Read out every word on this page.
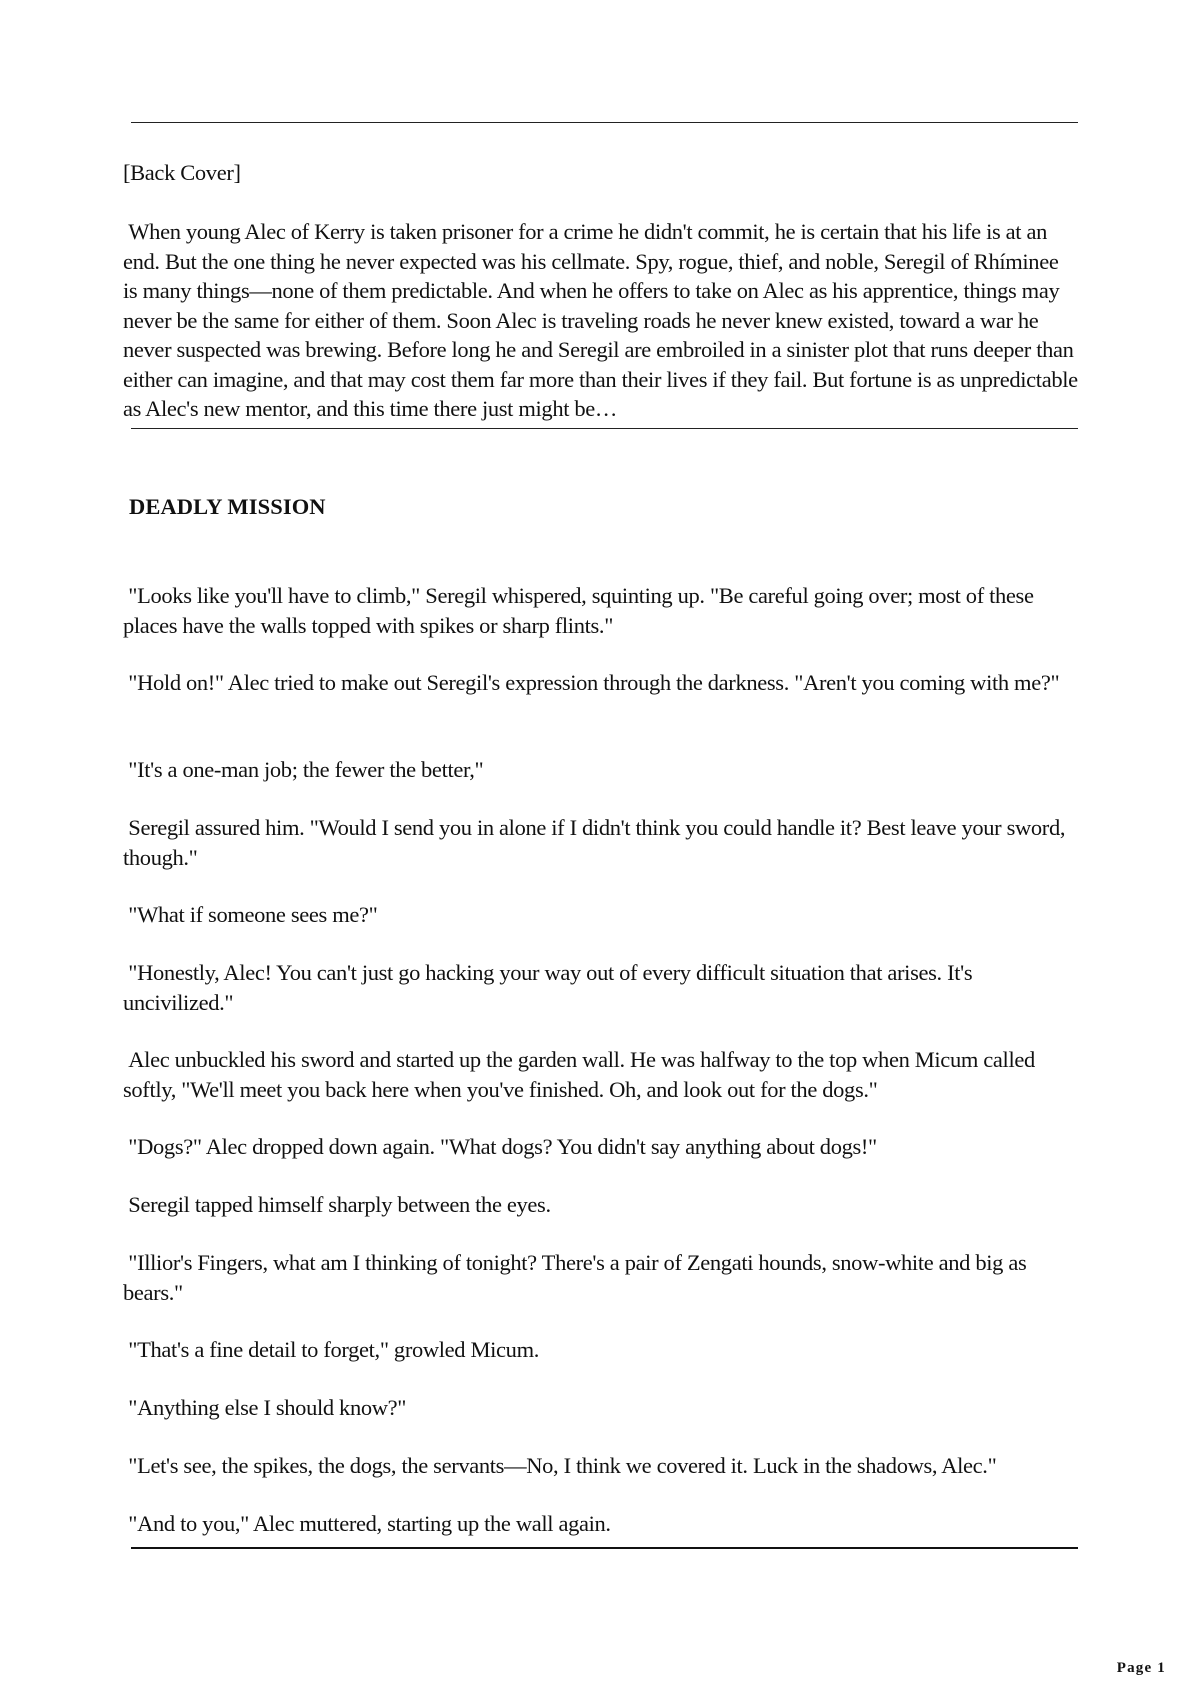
[Back Cover]
When young Alec of Kerry is taken prisoner for a crime he didn't commit, he is certain that his life is at an end. But the one thing he never expected was his cellmate. Spy, rogue, thief, and noble, Seregil of Rhíminee is many things—none of them predictable. And when he offers to take on Alec as his apprentice, things may never be the same for either of them. Soon Alec is traveling roads he never knew existed, toward a war he never suspected was brewing. Before long he and Seregil are embroiled in a sinister plot that runs deeper than either can imagine, and that may cost them far more than their lives if they fail. But fortune is as unpredictable as Alec's new mentor, and this time there just might be…
DEADLY MISSION
"Looks like you'll have to climb," Seregil whispered, squinting up. "Be careful going over; most of these places have the walls topped with spikes or sharp flints."
"Hold on!" Alec tried to make out Seregil's expression through the darkness. "Aren't you coming with me?"
"It's a one-man job; the fewer the better,"
Seregil assured him. "Would I send you in alone if I didn't think you could handle it? Best leave your sword, though."
"What if someone sees me?"
"Honestly, Alec! You can't just go hacking your way out of every difficult situation that arises. It's uncivilized."
Alec unbuckled his sword and started up the garden wall. He was halfway to the top when Micum called softly, "We'll meet you back here when you've finished. Oh, and look out for the dogs."
"Dogs?" Alec dropped down again. "What dogs? You didn't say anything about dogs!"
Seregil tapped himself sharply between the eyes.
"Illior's Fingers, what am I thinking of tonight? There's a pair of Zengati hounds, snow-white and big as bears."
"That's a fine detail to forget," growled Micum.
"Anything else I should know?"
"Let's see, the spikes, the dogs, the servants—No, I think we covered it. Luck in the shadows, Alec."
"And to you," Alec muttered, starting up the wall again.
Page 1
